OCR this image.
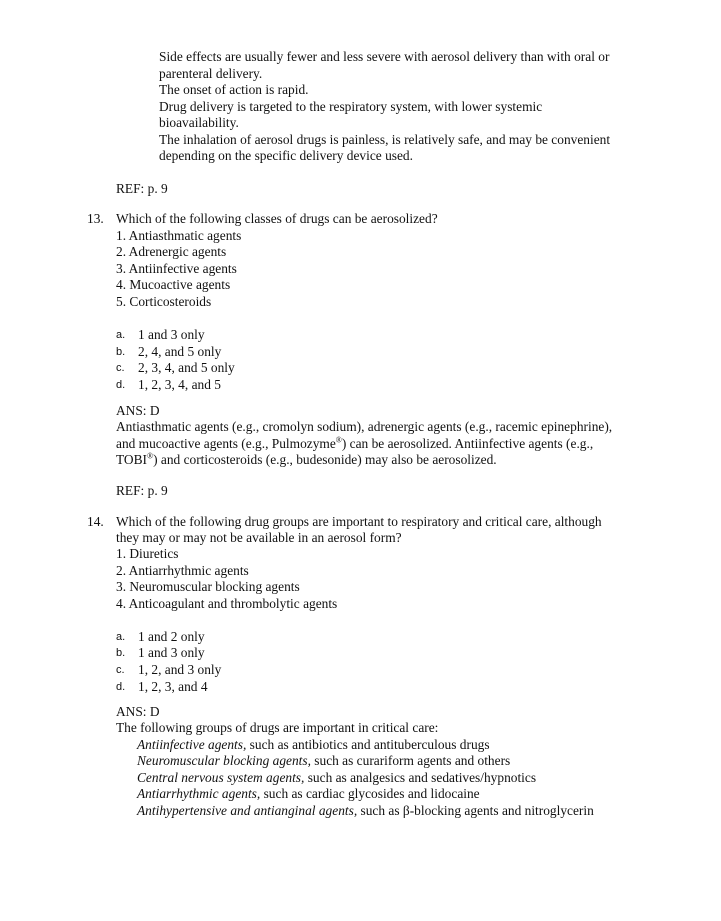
Side effects are usually fewer and less severe with aerosol delivery than with oral or
parenteral delivery.
The onset of action is rapid.
Drug delivery is targeted to the respiratory system, with lower systemic
bioavailability.
The inhalation of aerosol drugs is painless, is relatively safe, and may be convenient
depending on the specific delivery device used.
REF: p. 9
13. Which of the following classes of drugs can be aerosolized?
1. Antiasthmatic agents
2. Adrenergic agents
3. Antiinfective agents
4. Mucoactive agents
5. Corticosteroids
a. 1 and 3 only
b. 2, 4, and 5 only
c. 2, 3, 4, and 5 only
d. 1, 2, 3, 4, and 5
ANS: D
Antiasthmatic agents (e.g., cromolyn sodium), adrenergic agents (e.g., racemic epinephrine),
and mucoactive agents (e.g., Pulmozyme®) can be aerosolized. Antiinfective agents (e.g.,
TOBI®) and corticosteroids (e.g., budesonide) may also be aerosolized.
REF: p. 9
14. Which of the following drug groups are important to respiratory and critical care, although
they may or may not be available in an aerosol form?
1. Diuretics
2. Antiarrhythmic agents
3. Neuromuscular blocking agents
4. Anticoagulant and thrombolytic agents
a. 1 and 2 only
b. 1 and 3 only
c. 1, 2, and 3 only
d. 1, 2, 3, and 4
ANS: D
The following groups of drugs are important in critical care:
Antiinfective agents, such as antibiotics and antituberculous drugs
Neuromuscular blocking agents, such as curariform agents and others
Central nervous system agents, such as analgesics and sedatives/hypnotics
Antiarrhythmic agents, such as cardiac glycosides and lidocaine
Antihypertensive and antianginal agents, such as β-blocking agents and nitroglycerin
